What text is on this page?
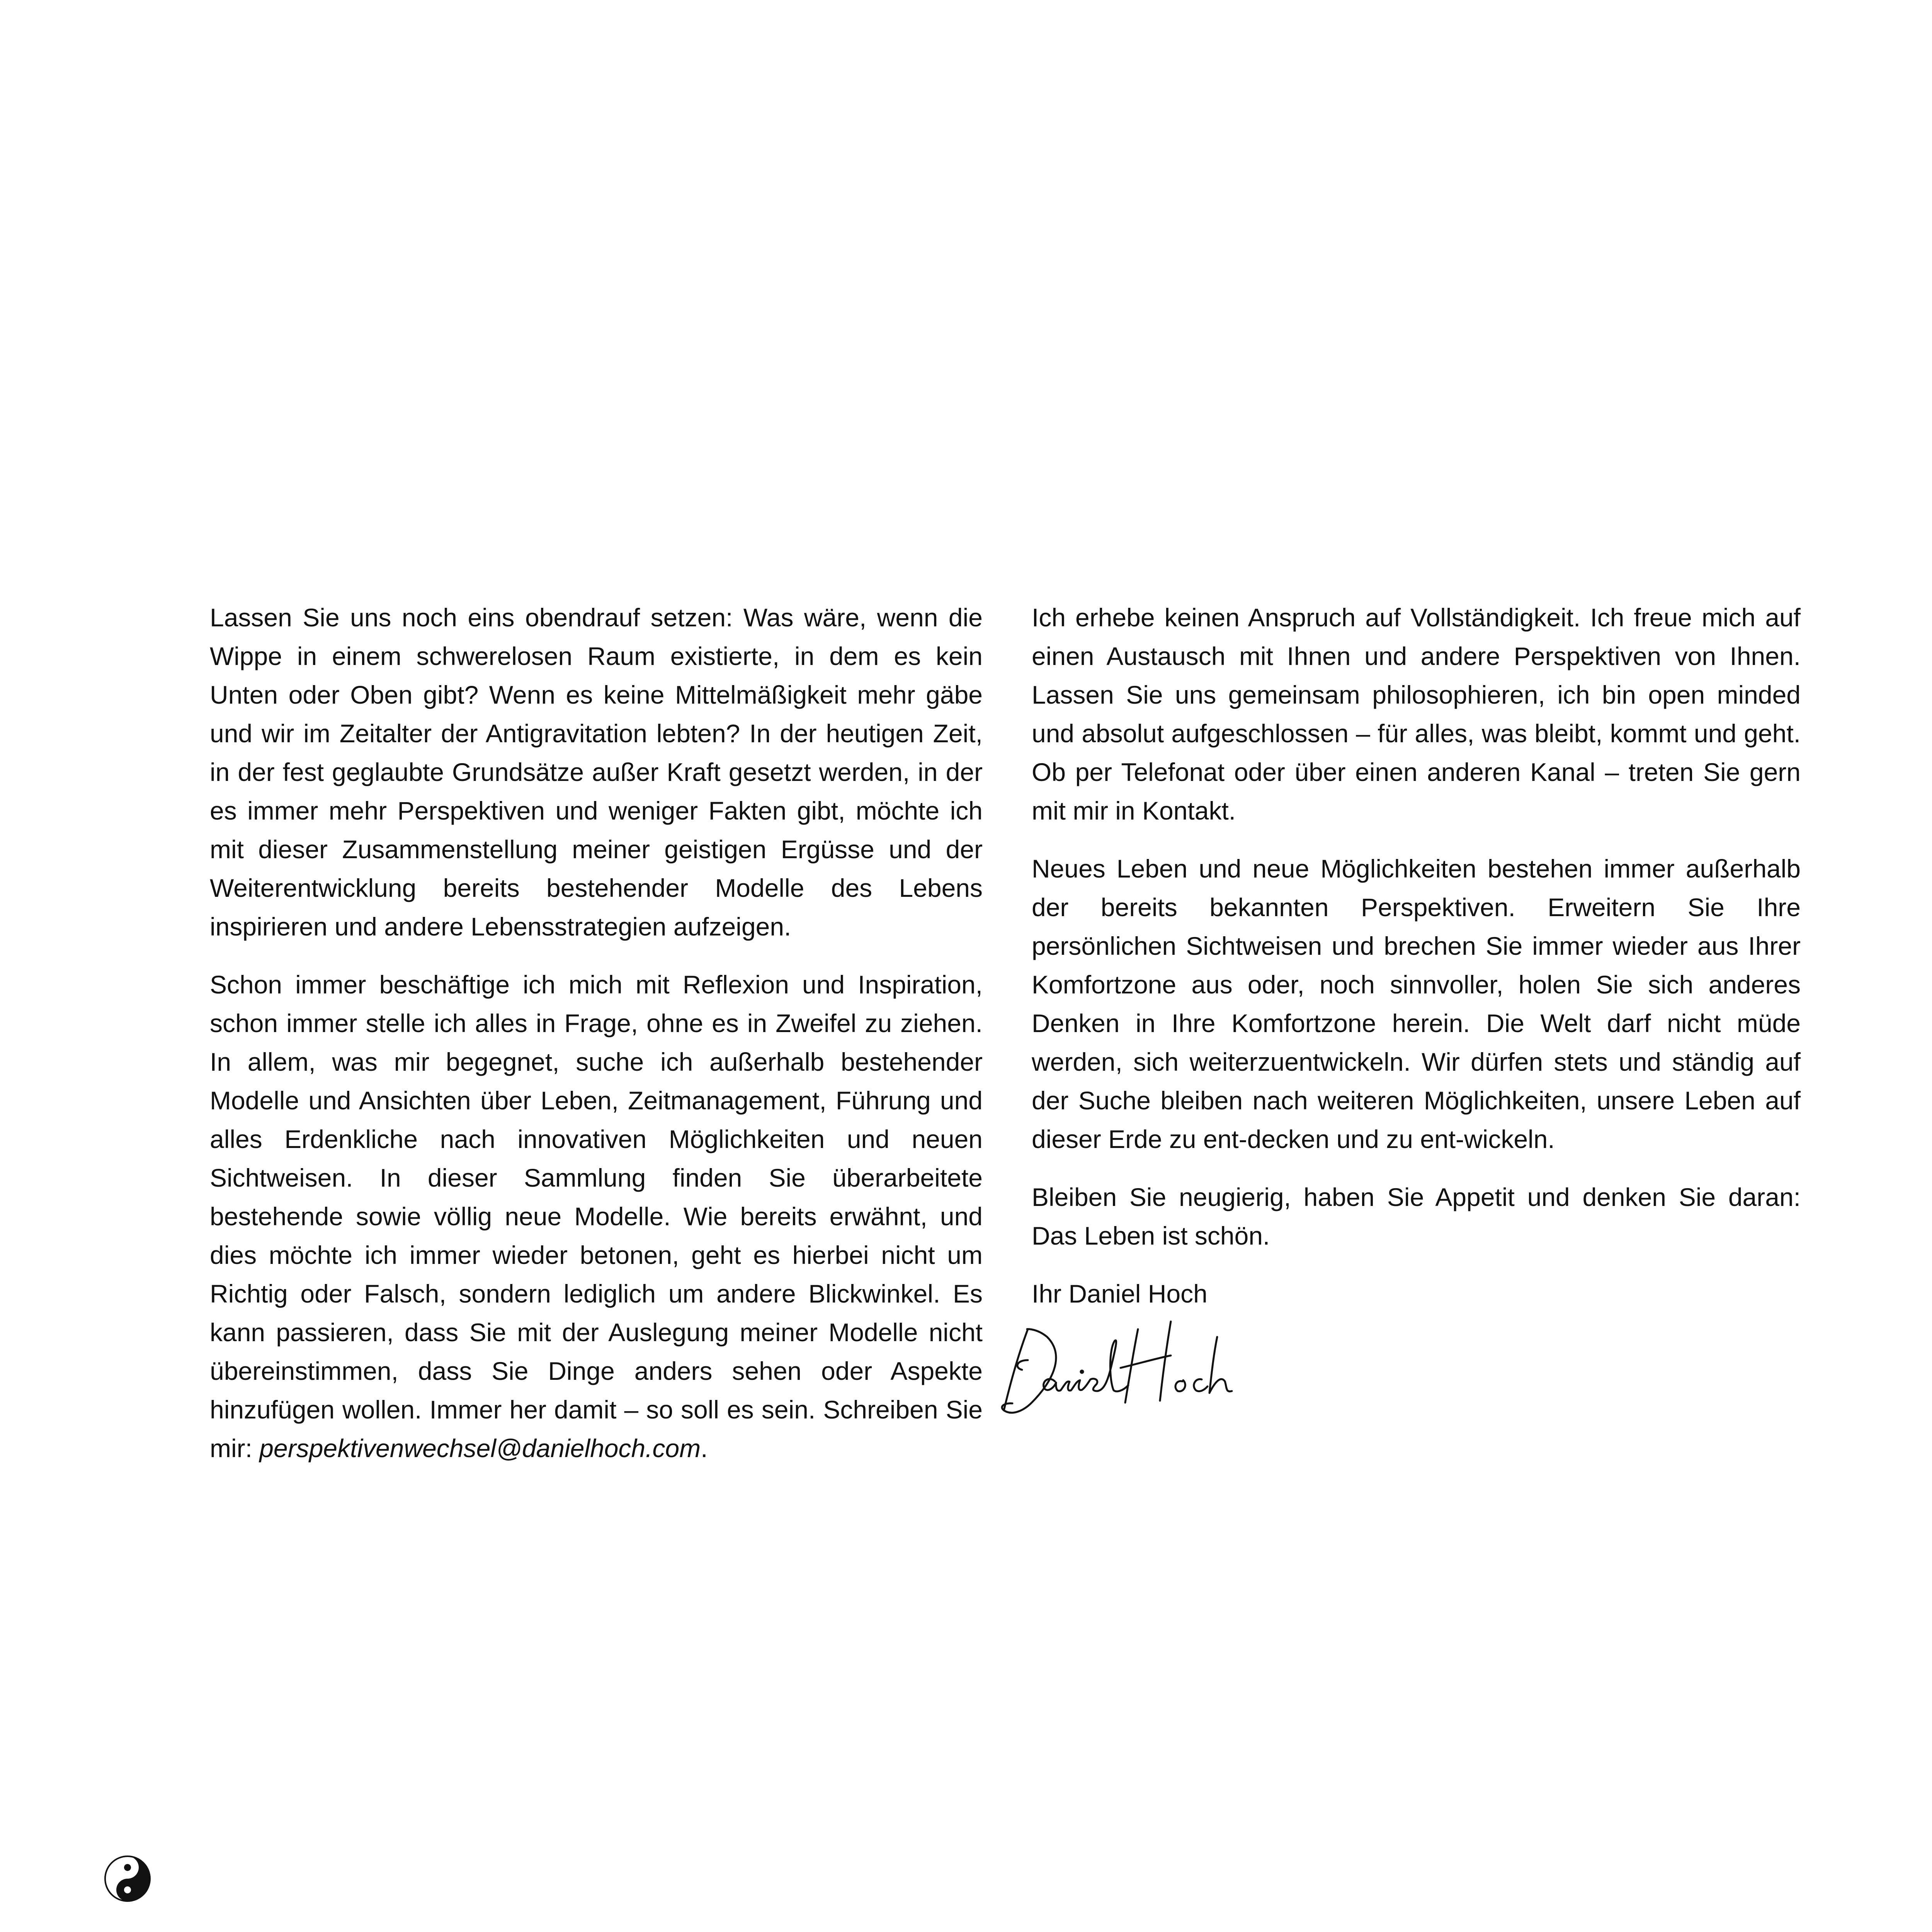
Lassen Sie uns noch eins obendrauf setzen: Was wäre, wenn die Wippe in einem schwerelosen Raum existierte, in dem es kein Unten oder Oben gibt? Wenn es keine Mittelmäßigkeit mehr gäbe und wir im Zeitalter der Antigravitation lebten? In der heutigen Zeit, in der fest geglaubte Grundsätze außer Kraft gesetzt werden, in der es immer mehr Perspektiven und weniger Fakten gibt, möchte ich mit dieser Zusammenstellung meiner geistigen Ergüsse und der Weiterentwicklung bereits bestehender Modelle des Lebens inspirieren und andere Lebensstrategien aufzeigen.

Schon immer beschäftige ich mich mit Reflexion und Inspiration, schon immer stelle ich alles in Frage, ohne es in Zweifel zu ziehen. In allem, was mir begegnet, suche ich außerhalb bestehender Modelle und Ansichten über Leben, Zeitmanagement, Führung und alles Erdenkliche nach innovativen Möglichkeiten und neuen Sichtweisen. In dieser Sammlung finden Sie überarbeitete bestehende sowie völlig neue Modelle. Wie bereits erwähnt, und dies möchte ich immer wieder betonen, geht es hierbei nicht um Richtig oder Falsch, sondern lediglich um andere Blickwinkel. Es kann passieren, dass Sie mit der Auslegung meiner Modelle nicht übereinstimmen, dass Sie Dinge anders sehen oder Aspekte hinzufügen wollen. Immer her damit – so soll es sein. Schreiben Sie mir: perspektivenwechsel@danielhoch.com.

Ich erhebe keinen Anspruch auf Vollständigkeit. Ich freue mich auf einen Austausch mit Ihnen und andere Perspektiven von Ihnen. Lassen Sie uns gemeinsam philosophieren, ich bin open minded und absolut aufgeschlossen – für alles, was bleibt, kommt und geht. Ob per Telefonat oder über einen anderen Kanal – treten Sie gern mit mir in Kontakt.

Neues Leben und neue Möglichkeiten bestehen immer außerhalb der bereits bekannten Perspektiven. Erweitern Sie Ihre persönlichen Sichtweisen und brechen Sie immer wieder aus Ihrer Komfortzone aus oder, noch sinnvoller, holen Sie sich anderes Denken in Ihre Komfortzone herein. Die Welt darf nicht müde werden, sich weiterzuentwickeln. Wir dürfen stets und ständig auf der Suche bleiben nach weiteren Möglichkeiten, unsere Leben auf dieser Erde zu ent-decken und zu ent-wickeln.

Bleiben Sie neugierig, haben Sie Appetit und denken Sie daran: Das Leben ist schön.

Ihr Daniel Hoch
